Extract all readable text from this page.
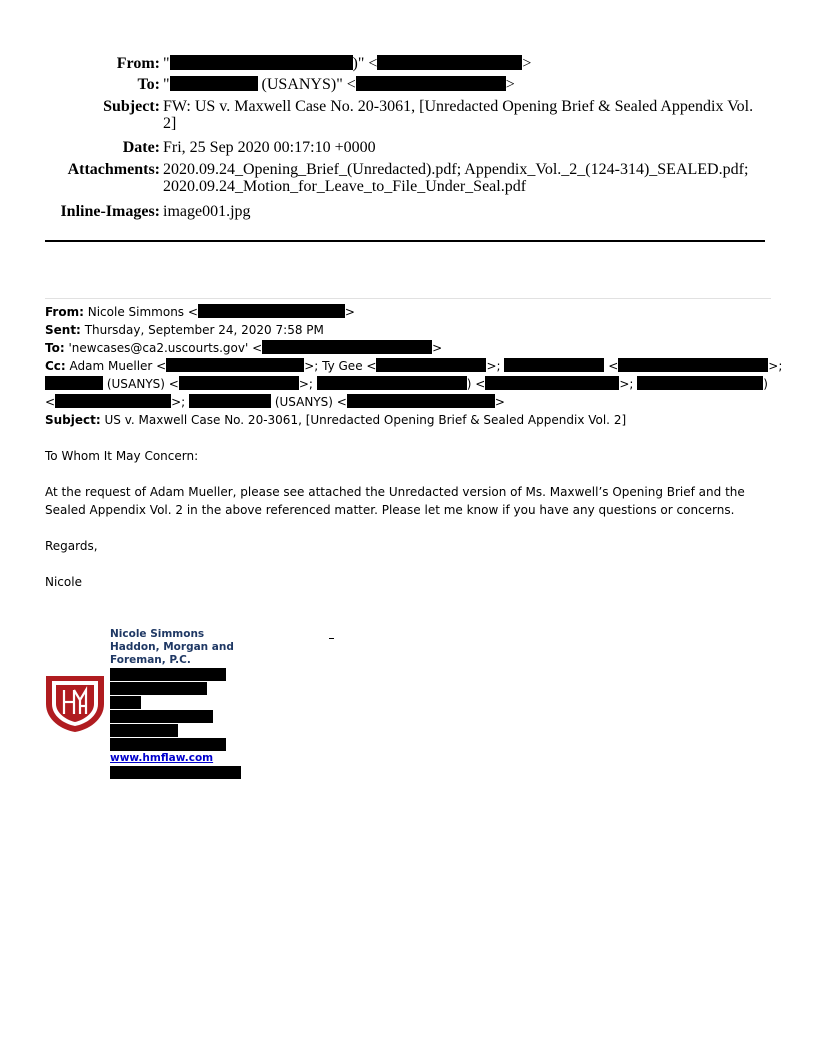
From: "	)" <	>
To: "	(USANYS)" <	>
Subject: FW: US v. Maxwell Case No. 20-3061, [Unredacted Opening Brief & Sealed Appendix Vol. 2]
Date: Fri, 25 Sep 2020 00:17:10 +0000
Attachments: 2020.09.24_Opening_Brief_(Unredacted).pdf; Appendix_Vol._2_(124-314)_SEALED.pdf; 2020.09.24_Motion_for_Leave_to_File_Under_Seal.pdf
Inline-Images: image001.jpg
From: Nicole Simmons <	>
Sent: Thursday, September 24, 2020 7:58 PM
To: 'newcases@ca2.uscourts.gov' <	>
Cc: Adam Mueller <	>; Ty Gee <	>;	<	>;
(USANYS) <	>;	) <	>;	)
<	>;	(USANYS) <	>
Subject: US v. Maxwell Case No. 20-3061, [Unredacted Opening Brief & Sealed Appendix Vol. 2]

To Whom It May Concern:

At the request of Adam Mueller, please see attached the Unredacted version of Ms. Maxwell’s Opening Brief and the Sealed Appendix Vol. 2 in the above referenced matter. Please let me know if you have any questions or concerns.

Regards,

Nicole

Nicole Simmons
Haddon, Morgan and
Foreman, P.C.
www.hmflaw.com
